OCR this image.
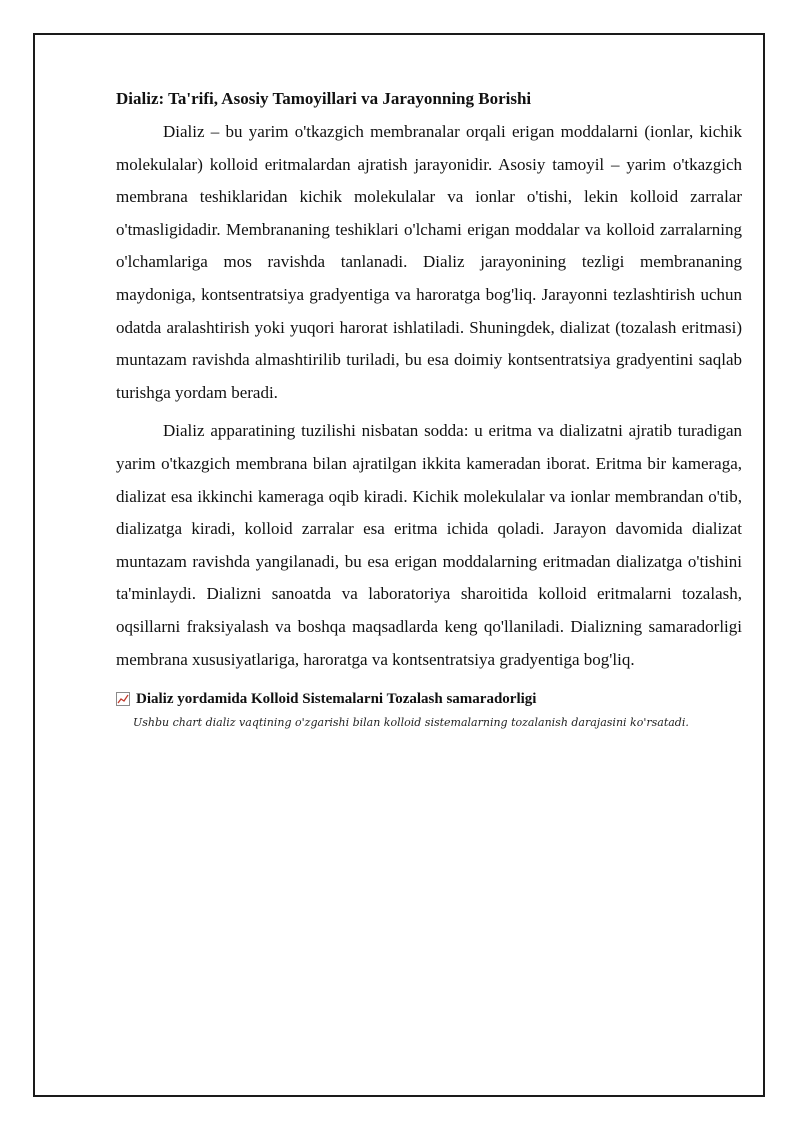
Dializ: Ta'rifi, Asosiy Tamoyillari va Jarayonning Borishi

Dializ – bu yarim o'tkazgich membranalar orqali erigan moddalarni (ionlar, kichik molekulalar) kolloid eritmalardan ajratish jarayonidir. Asosiy tamoyil – yarim o'tkazgich membrana teshiklaridan kichik molekulalar va ionlar o'tishi, lekin kolloid zarralar o'tmasligidadir. Membrananing teshiklari o'lchami erigan moddalar va kolloid zarralarning o'lchamlariga mos ravishda tanlanadi. Dializ jarayonining tezligi membrananing maydoniga, kontsentratsiya gradyentiga va haroratga bog'liq. Jarayonni tezlashtirish uchun odatda aralashtirish yoki yuqori harorat ishlatiladi. Shuningdek, dializat (tozalash eritmasi) muntazam ravishda almashtirilib turiladi, bu esa doimiy kontsentratsiya gradyentini saqlab turishga yordam beradi.

Dializ apparatining tuzilishi nisbatan sodda: u eritma va dializatni ajratib turadigan yarim o'tkazgich membrana bilan ajratilgan ikkita kameradan iborat. Eritma bir kameraga, dializat esa ikkinchi kameraga oqib kiradi. Kichik molekulalar va ionlar membrandan o'tib, dializatga kiradi, kolloid zarralar esa eritma ichida qoladi. Jarayon davomida dializat muntazam ravishda yangilanadi, bu esa erigan moddalarning eritmadan dializatga o'tishini ta'minlaydi. Dializni sanoatda va laboratoriya sharoitida kolloid eritmalarni tozalash, oqsillarni fraksiyalash va boshqa maqsadlarda keng qo'llaniladi. Dializning samaradorligi membrana xususiyatlariga, haroratga va kontsentratsiya gradyentiga bog'liq.

Dializ yordamida Kolloid Sistemalarni Tozalash samaradorligi
Ushbu chart dializ vaqtining o'zgarishi bilan kolloid sistemalarning tozalanish darajasini ko'rsatadi.
